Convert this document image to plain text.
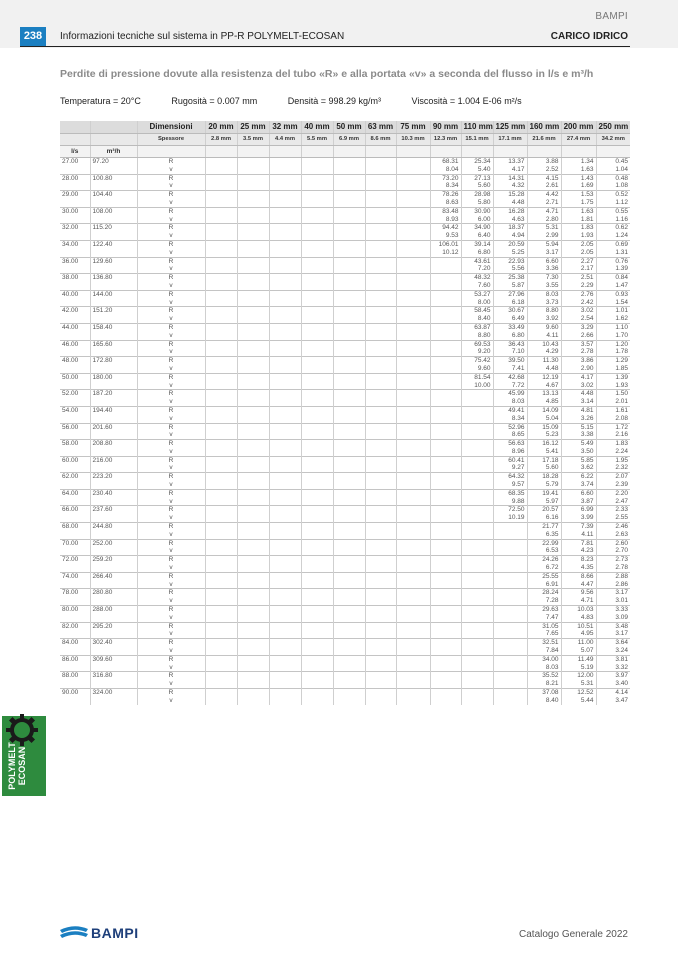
BAMPI
238	Informazioni tecniche sul sistema in PP-R POLYMELT-ECOSAN	CARICO IDRICO
Perdite di pressione dovute alla resistenza del tubo «R» e alla portata «v» a seconda del flusso in l/s e m³/h
Temperatura = 20°C	Rugosità = 0.007 mm	Densità = 998.29 kg/m³	Viscosità = 1.004 E-06 m²/s
		Dimensioni	20 mm	25 mm	32 mm	40 mm	50 mm	63 mm	75 mm	90 mm	110 mm	125 mm	160 mm	200 mm	250 mm
		Spessore	2.8 mm	3.5 mm	4.4 mm	5.5 mm	6.9 mm	8.6 mm	10.3 mm	12.3 mm	15.1 mm	17.1 mm	21.6 mm	27.4 mm	34.2 mm
l/s	m³/h														
27.00	97.20	R								68.31	25.34	13.37	3.88	1.34	0.45
		v								8.04	5.40	4.17	2.52	1.63	1.04
28.00	100.80	R								73.20	27.13	14.31	4.15	1.43	0.48
		v								8.34	5.60	4.32	2.61	1.69	1.08
29.00	104.40	R								78.26	28.98	15.28	4.42	1.53	0.52
		v								8.63	5.80	4.48	2.71	1.75	1.12
30.00	108.00	R								83.48	30.90	16.28	4.71	1.63	0.55
		v								8.93	6.00	4.63	2.80	1.81	1.16
32.00	115.20	R								94.42	34.90	18.37	5.31	1.83	0.62
		v								9.53	6.40	4.94	2.99	1.93	1.24
34.00	122.40	R								106.01	39.14	20.59	5.94	2.05	0.69
		v								10.12	6.80	5.25	3.17	2.05	1.31
36.00	129.60	R									43.61	22.93	6.60	2.27	0.76
		v									7.20	5.56	3.36	2.17	1.39
38.00	136.80	R									48.32	25.38	7.30	2.51	0.84
		v									7.60	5.87	3.55	2.29	1.47
40.00	144.00	R									53.27	27.96	8.03	2.76	0.93
		v									8.00	6.18	3.73	2.42	1.54
42.00	151.20	R									58.45	30.67	8.80	3.02	1.01
		v									8.40	6.49	3.92	2.54	1.62
44.00	158.40	R									63.87	33.49	9.60	3.29	1.10
		v									8.80	6.80	4.11	2.66	1.70
46.00	165.60	R									69.53	36.43	10.43	3.57	1.20
		v									9.20	7.10	4.29	2.78	1.78
48.00	172.80	R									75.42	39.50	11.30	3.86	1.29
		v									9.60	7.41	4.48	2.90	1.85
50.00	180.00	R									81.54	42.68	12.19	4.17	1.39
		v									10.00	7.72	4.67	3.02	1.93
52.00	187.20	R										45.99	13.13	4.48	1.50
		v										8.03	4.85	3.14	2.01
54.00	194.40	R										49.41	14.09	4.81	1.61
		v										8.34	5.04	3.26	2.08
56.00	201.60	R										52.96	15.09	5.15	1.72
		v										8.65	5.23	3.38	2.16
58.00	208.80	R										56.63	16.12	5.49	1.83
		v										8.96	5.41	3.50	2.24
60.00	216.00	R										60.41	17.18	5.85	1.95
		v										9.27	5.60	3.62	2.32
62.00	223.20	R										64.32	18.28	6.22	2.07
		v										9.57	5.79	3.74	2.39
64.00	230.40	R										68.35	19.41	6.60	2.20
		v										9.88	5.97	3.87	2.47
66.00	237.60	R										72.50	20.57	6.99	2.33
		v										10.19	6.16	3.99	2.55
68.00	244.80	R											21.77	7.39	2.46
		v											6.35	4.11	2.63
70.00	252.00	R											22.99	7.81	2.60
		v											6.53	4.23	2.70
72.00	259.20	R											24.26	8.23	2.73
		v											6.72	4.35	2.78
74.00	266.40	R											25.55	8.66	2.88
		v											6.91	4.47	2.86
78.00	280.80	R											28.24	9.56	3.17
		v											7.28	4.71	3.01
80.00	288.00	R											29.63	10.03	3.33
		v											7.47	4.83	3.09
82.00	295.20	R											31.05	10.51	3.48
		v											7.65	4.95	3.17
84.00	302.40	R											32.51	11.00	3.64
		v											7.84	5.07	3.24
86.00	309.60	R											34.00	11.49	3.81
		v											8.03	5.19	3.32
88.00	316.80	R											35.52	12.00	3.97
		v											8.21	5.31	3.40
90.00	324.00	R											37.08	12.52	4.14
		v											8.40	5.44	3.47
POLYMELT ECOSAN
BAMPI	Catalogo Generale 2022
